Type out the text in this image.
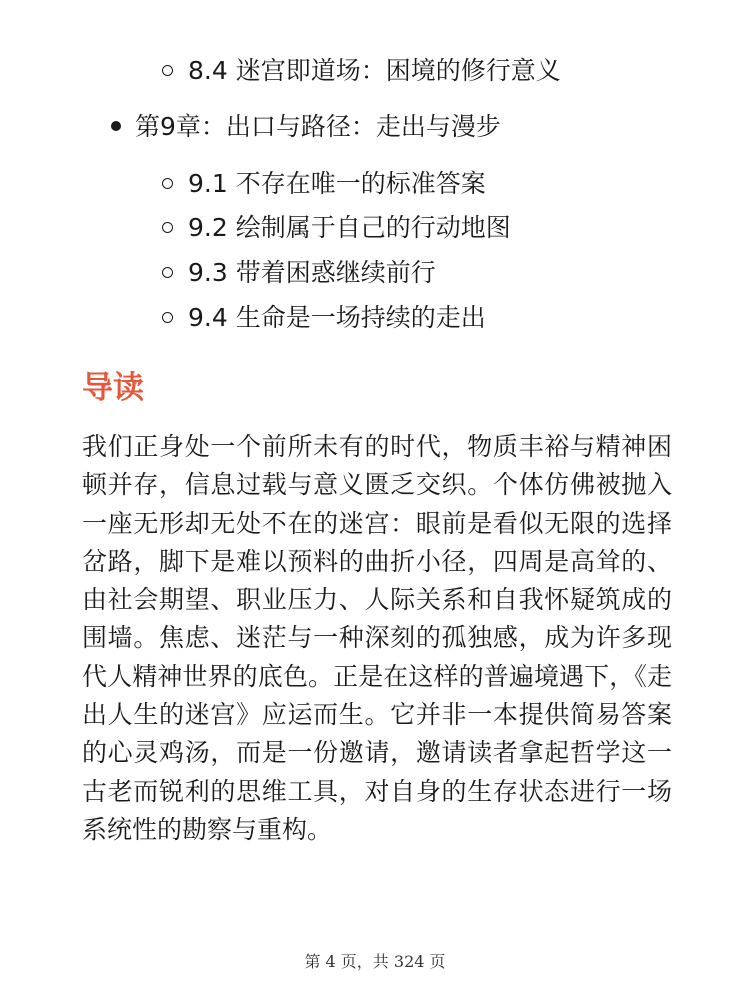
8.4 迷宫即道场：困境的修行意义
第9章：出口与路径：走出与漫步
9.1 不存在唯一的标准答案
9.2 绘制属于自己的行动地图
9.3 带着困惑继续前行
9.4 生命是一场持续的走出
导读

我们正身处一个前所未有的时代，物质丰裕与精神困顿并存，信息过载与意义匮乏交织。个体仿佛被抛入一座无形却无处不在的迷宫：眼前是看似无限的选择岔路，脚下是难以预料的曲折小径，四周是高耸的、由社会期望、职业压力、人际关系和自我怀疑筑成的围墙。焦虑、迷茫与一种深刻的孤独感，成为许多现代人精神世界的底色。正是在这样的普遍境遇下，《走出人生的迷宫》应运而生。它并非一本提供简易答案的心灵鸡汤，而是一份邀请，邀请读者拿起哲学这一古老而锐利的思维工具，对自身的生存状态进行一场系统性的勘察与重构。

第 4 页，共 324 页
